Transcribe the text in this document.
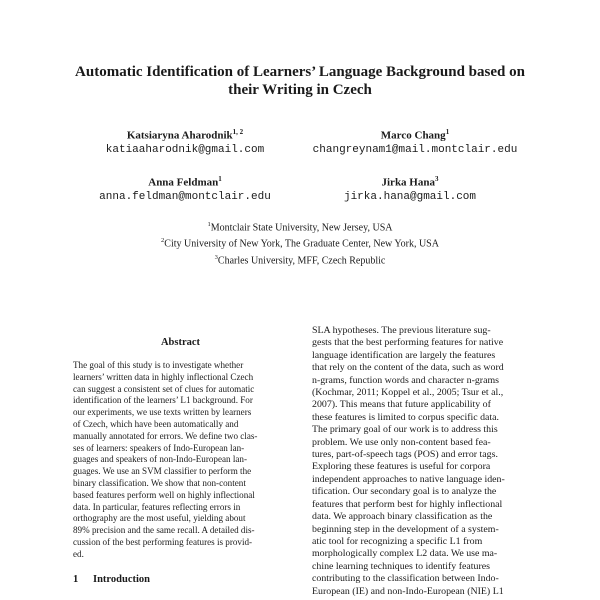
Automatic Identification of Learners’ Language Background based on
their Writing in Czech
Katsiaryna Aharodnik$^{1, 2}$
katiaaharodnik@gmail.com
Marco Chang$^1$
changreynam1@mail.montclair.edu
Anna Feldman$^1$
anna.feldman@montclair.edu
Jirka Hana$^3$
jirka.hana@gmail.com
$^1$Montclair State University, New Jersey, USA
$^2$City University of New York, The Graduate Center, New York, USA
$^3$Charles University, MFF, Czech Republic
Abstract
The goal of this study is to investigate whether
learners’ written data in highly inflectional Czech
can suggest a consistent set of clues for automatic
identification of the learners’ L1 background. For
our experiments, we use texts written by learners
of Czech, which have been automatically and
manually annotated for errors. We define two clas-
ses of learners: speakers of Indo-European lan-
guages and speakers of non-Indo-European lan-
guages. We use an SVM classifier to perform the
binary classification. We show that non-content
based features perform well on highly inflectional
data. In particular, features reflecting errors in
orthography are the most useful, yielding about
89% precision and the same recall. A detailed dis-
cussion of the best performing features is provid-
ed.
1 Introduction
SLA hypotheses. The previous literature sug-
gests that the best performing features for native
language identification are largely the features
that rely on the content of the data, such as word
n-grams, function words and character n-grams
(Kochmar, 2011; Koppel et al., 2005; Tsur et al.,
2007). This means that future applicability of
these features is limited to corpus specific data.
The primary goal of our work is to address this
problem. We use only non-content based fea-
tures, part-of-speech tags (POS) and error tags.
Exploring these features is useful for corpora
independent approaches to native language iden-
tification. Our secondary goal is to analyze the
features that perform best for highly inflectional
data. We approach binary classification as the
beginning step in the development of a system-
atic tool for recognizing a specific L1 from
morphologically complex L2 data. We use ma-
chine learning techniques to identify features
contributing to the classification between Indo-
European (IE) and non-Indo-European (NIE) L1
